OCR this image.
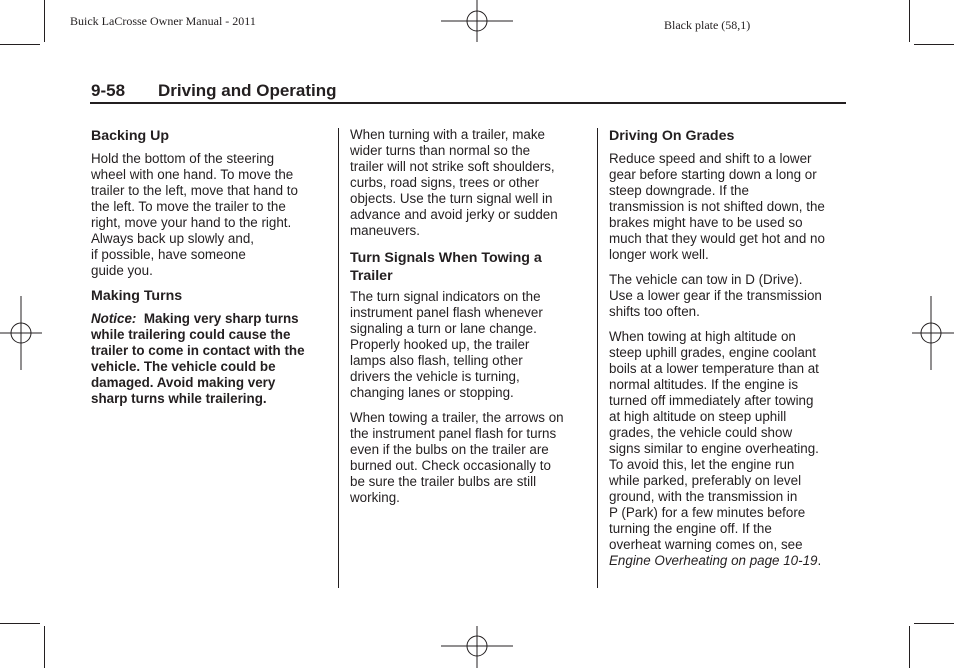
Buick LaCrosse Owner Manual - 2011	Black plate (58,1)
9-58 Driving and Operating
Backing Up

Hold the bottom of the steering
wheel with one hand. To move the
trailer to the left, move that hand to
the left. To move the trailer to the
right, move your hand to the right.
Always back up slowly and,
if possible, have someone
guide you.

Making Turns

Notice: Making very sharp turns
while trailering could cause the
trailer to come in contact with the
vehicle. The vehicle could be
damaged. Avoid making very
sharp turns while trailering.

When turning with a trailer, make
wider turns than normal so the
trailer will not strike soft shoulders,
curbs, road signs, trees or other
objects. Use the turn signal well in
advance and avoid jerky or sudden
maneuvers.

Turn Signals When Towing a
Trailer

The turn signal indicators on the
instrument panel flash whenever
signaling a turn or lane change.
Properly hooked up, the trailer
lamps also flash, telling other
drivers the vehicle is turning,
changing lanes or stopping.

When towing a trailer, the arrows on
the instrument panel flash for turns
even if the bulbs on the trailer are
burned out. Check occasionally to
be sure the trailer bulbs are still
working.

Driving On Grades

Reduce speed and shift to a lower
gear before starting down a long or
steep downgrade. If the
transmission is not shifted down, the
brakes might have to be used so
much that they would get hot and no
longer work well.

The vehicle can tow in D (Drive).
Use a lower gear if the transmission
shifts too often.

When towing at high altitude on
steep uphill grades, engine coolant
boils at a lower temperature than at
normal altitudes. If the engine is
turned off immediately after towing
at high altitude on steep uphill
grades, the vehicle could show
signs similar to engine overheating.
To avoid this, let the engine run
while parked, preferably on level
ground, with the transmission in
P (Park) for a few minutes before
turning the engine off. If the
overheat warning comes on, see
Engine Overheating on page 10-19.
